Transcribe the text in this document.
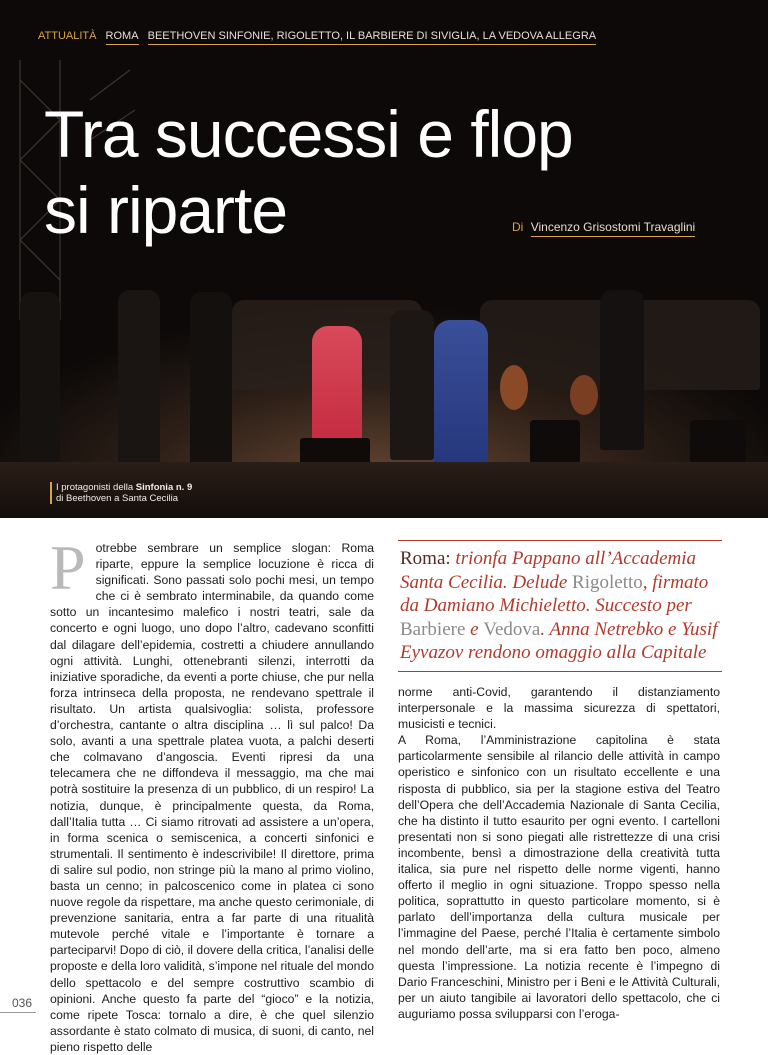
ATTUALITÀ ROMA BEETHOVEN SINFONIE, RIGOLETTO, IL BARBIERE DI SIVIGLIA, LA VEDOVA ALLEGRA
Tra successi e flop
si riparte	Di Vincenzo Grisostomi Travaglini
I protagonisti della Sinfonia n. 9
di Beethoven a Santa Cecilia
P otrebbe sembrare un semplice slogan: Roma riparte, eppure la semplice locuzione è ricca di significati. Sono passati solo pochi mesi, un tempo che ci è sembrato interminabile, da quando come sotto un incantesimo malefico i nostri teatri, sale da concerto e ogni luogo, uno dopo l’altro, cadevano sconfitti dal dilagare dell’epidemia, costretti a chiudere annullando ogni attività. Lunghi, ottenebranti silenzi, interrotti da iniziative sporadiche, da eventi a porte chiuse, che pur nella forza intrinseca della proposta, ne rendevano spettrale il risultato. Un artista qualsivoglia: solista, professore d’orchestra, cantante o altra disciplina … lì sul palco! Da solo, avanti a una spettrale platea vuota, a palchi deserti che colmavano d’angoscia. Eventi ripresi da una telecamera che ne diffondeva il messaggio, ma che mai potrà sostituire la presenza di un pubblico, di un respiro! La notizia, dunque, è principalmente questa, da Roma, dall’Italia tutta … Ci siamo ritrovati ad assistere a un’opera, in forma scenica o semiscenica, a concerti sinfonici e strumentali. Il sentimento è indescrivibile! Il direttore, prima di salire sul podio, non stringe più la mano al primo violino, basta un cenno; in palcoscenico come in platea ci sono nuove regole da rispettare, ma anche questo cerimoniale, di prevenzione sanitaria, entra a far parte di una ritualità mutevole perché vitale e l’importante è tornare a parteciparvi! Dopo di ciò, il dovere della critica, l’analisi delle proposte e della loro validità, s’impone nel rituale del mondo dello spettacolo e del sempre costruttivo scambio di opinioni. Anche questo fa parte del “gioco” e la notizia, come ripete Tosca: tornalo a dire, è che quel silenzio assordante è stato colmato di musica, di suoni, di canto, nel pieno rispetto delle
Roma: trionfa Pappano all’Accademia Santa Cecilia. Delude Rigoletto, firmato da Damiano Michieletto. Succesto per Barbiere e Vedova. Anna Netrebko e Yusif Eyvazov rendono omaggio alla Capitale

norme anti-Covid, garantendo il distanziamento interpersonale e la massima sicurezza di spettatori, musicisti e tecnici.

A Roma, l’Amministrazione capitolina è stata particolarmente sensibile al rilancio delle attività in campo operistico e sinfonico con un risultato eccellente e una risposta di pubblico, sia per la stagione estiva del Teatro dell’Opera che dell’Accademia Nazionale di Santa Cecilia, che ha distinto il tutto esaurito per ogni evento. I cartelloni presentati non si sono piegati alle ristrettezze di una crisi incombente, bensì a dimostrazione della creatività tutta italica, sia pure nel rispetto delle norme vigenti, hanno offerto il meglio in ogni situazione. Troppo spesso nella politica, soprattutto in questo particolare momento, si è parlato dell’importanza della cultura musicale per l’immagine del Paese, perché l’Italia è certamente simbolo nel mondo dell’arte, ma si era fatto ben poco, almeno questa l’impressione. La notizia recente è l’impegno di Dario Franceschini, Ministro per i Beni e le Attività Culturali, per un aiuto tangibile ai lavoratori dello spettacolo, che ci auguriamo possa svilupparsi con l’eroga-

036
